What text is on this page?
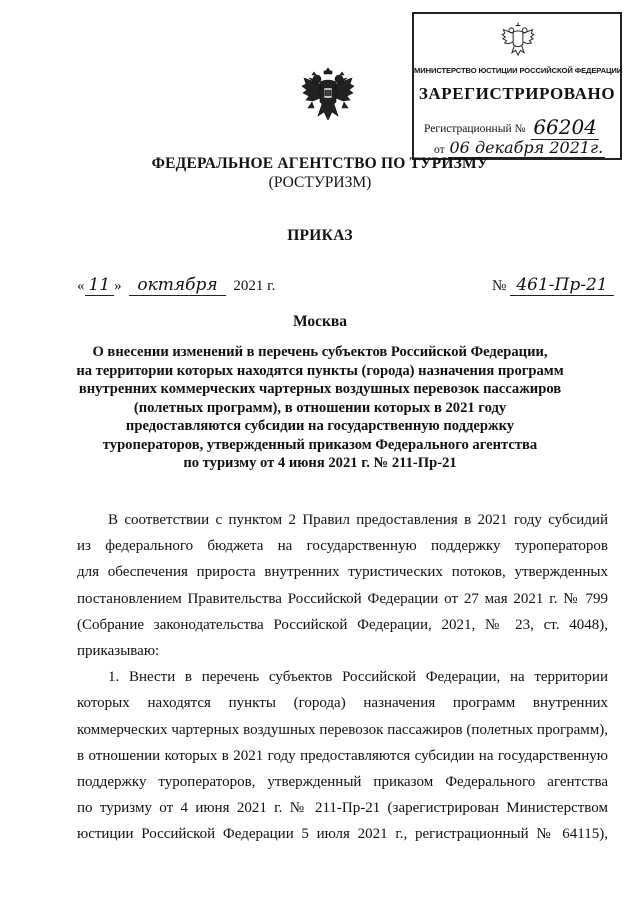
МИНИСТЕРСТВО ЮСТИЦИИ РОССИЙСКОЙ ФЕДЕРАЦИИ
ЗАРЕГИСТРИРОВАНО
Регистрационный № 66204
от 06 декабря 2021г.
ФЕДЕРАЛЬНОЕ АГЕНТСТВО ПО ТУРИЗМУ
(РОСТУРИЗМ)
ПРИКАЗ
« 11 » октября 2021 г.	№ 461-Пр-21
Москва
О внесении изменений в перечень субъектов Российской Федерации,
на территории которых находятся пункты (города) назначения программ
внутренних коммерческих чартерных воздушных перевозок пассажиров
(полетных программ), в отношении которых в 2021 году
предоставляются субсидии на государственную поддержку
туроператоров, утвержденный приказом Федерального агентства
по туризму от 4 июня 2021 г. № 211-Пр-21
В соответствии с пунктом 2 Правил предоставления в 2021 году субсидий
из федерального бюджета на государственную поддержку туроператоров
для обеспечения прироста внутренних туристических потоков, утвержденных
постановлением Правительства Российской Федерации от 27 мая 2021 г. № 799
(Собрание законодательства Российской Федерации, 2021, № 23, ст. 4048),
приказываю:
1. Внести в перечень субъектов Российской Федерации, на территории
которых находятся пункты (города) назначения программ внутренних
коммерческих чартерных воздушных перевозок пассажиров (полетных программ),
в отношении которых в 2021 году предоставляются субсидии на государственную
поддержку туроператоров, утвержденный приказом Федерального агентства
по туризму от 4 июня 2021 г. № 211-Пр-21 (зарегистрирован Министерством
юстиции Российской Федерации 5 июля 2021 г., регистрационный № 64115),
